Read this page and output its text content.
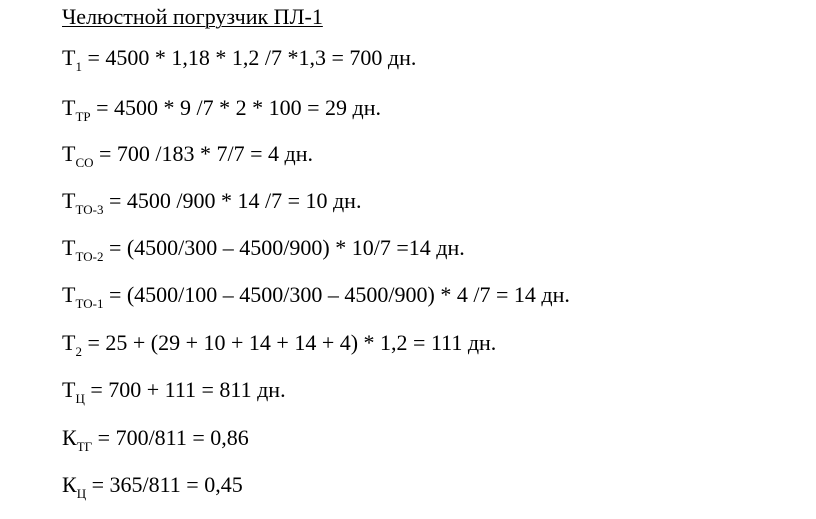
Челюстной погрузчик ПЛ-1
$Т_1 = 4500 * 1,18 * 1,2$ /7 *1,3 = 700 дн.
$Т_{ТР} = 4500 * 9$ /7 * 2 * 100 = 29 дн.
$Т_{СО} = 700$ /183 * 7/7 = 4 дн.
$Т_{ТО-3} = 4500$ /900 * 14 /7 = 10 дн.
$Т_{ТО-2} = (4500/300 - 4500/900) * 10/7 =14$ дн.
$Т_{ТО-1} = (4500/100 - 4500/300 - 4500/900) * 4$ /7 = 14 дн.
$Т_2 = 25 + (29 + 10 + 14 + 14 + 4) * 1,2 = 111$ дн.
$Т_Ц = 700 + 111 = 811$ дн.
$К_{ТГ} = 700/811 = 0,86$
$К_Ц = 365/811 = 0,45$
